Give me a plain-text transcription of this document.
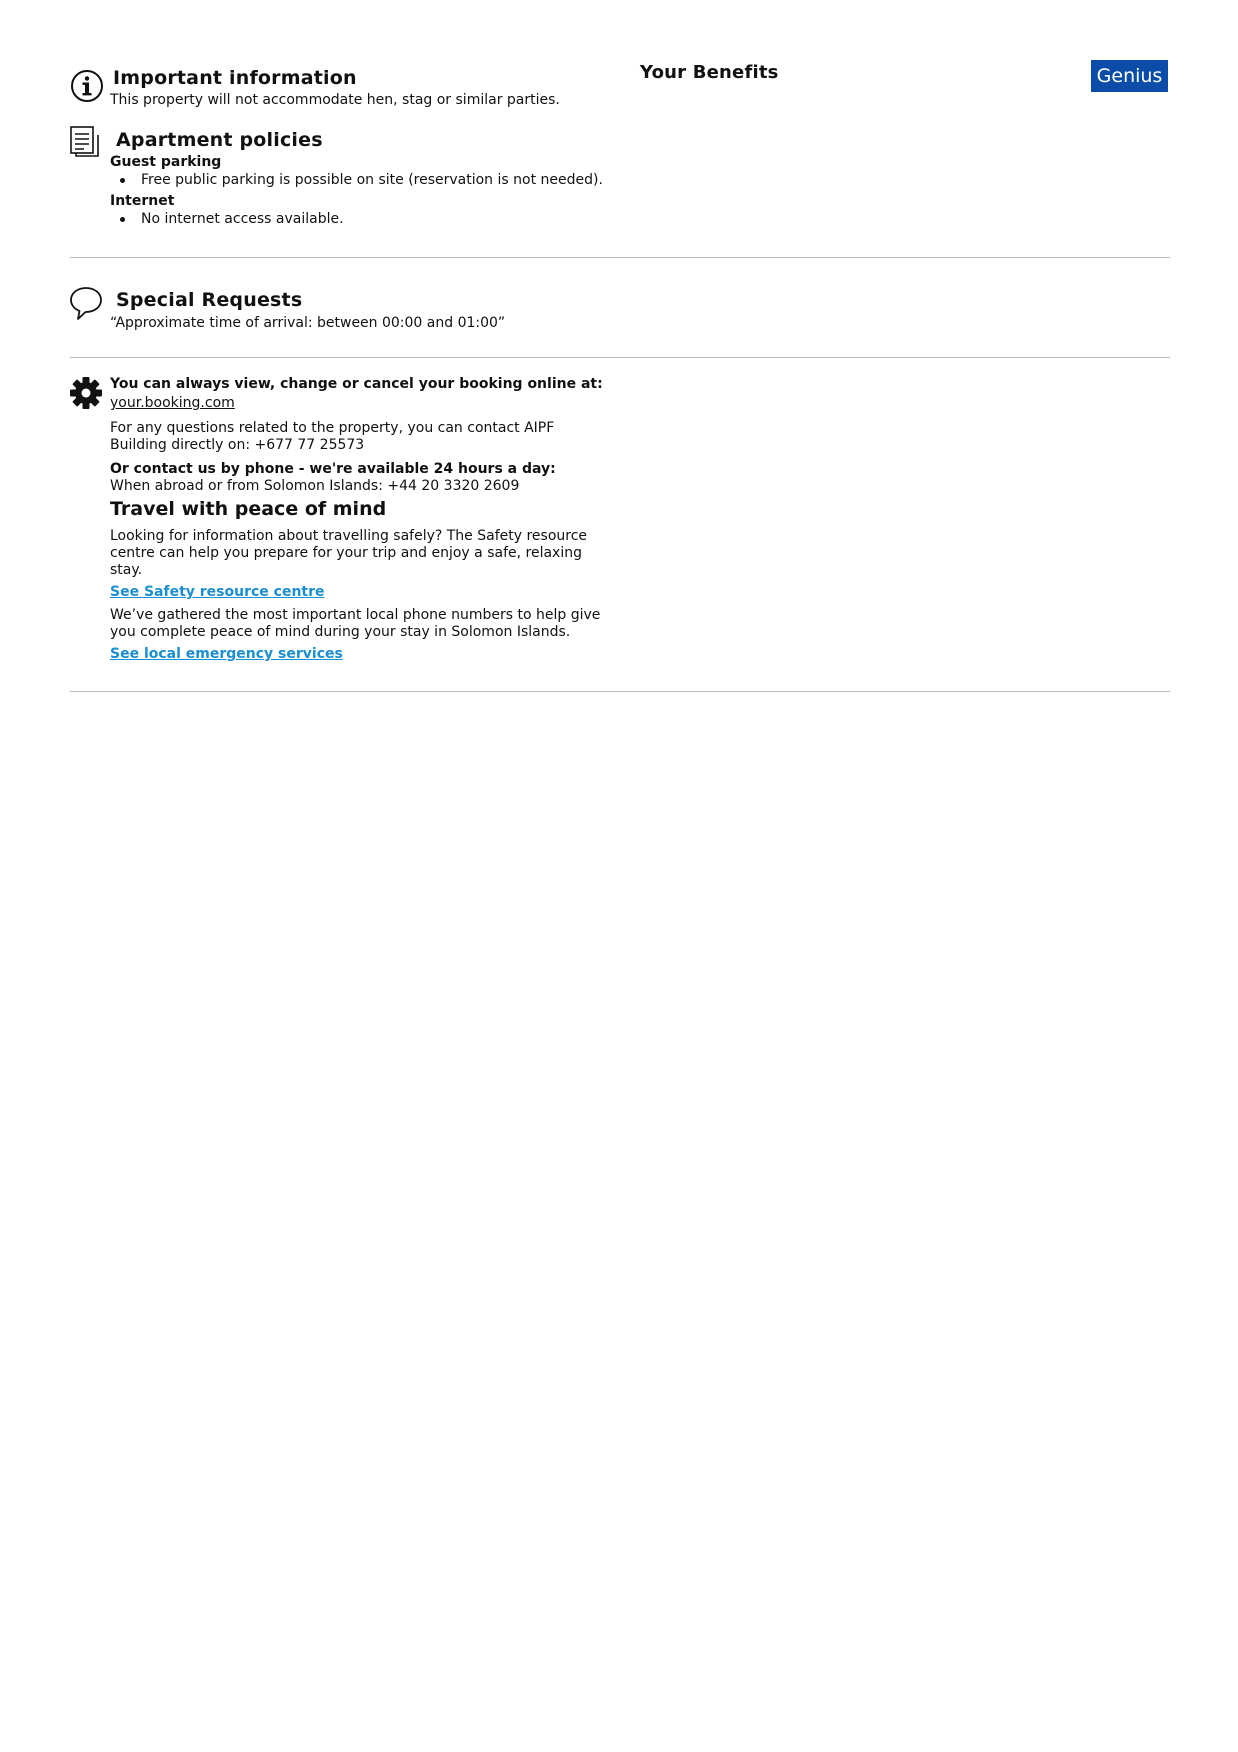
Important information
This property will not accommodate hen, stag or similar parties.
Your Benefits	Genius
Apartment policies
Guest parking
Free public parking is possible on site (reservation is not needed).
Internet
No internet access available.
Special Requests
“Approximate time of arrival: between 00:00 and 01:00”
You can always view, change or cancel your booking online at:
your.booking.com
For any questions related to the property, you can contact AIPF
Building directly on: +677 77 25573
Or contact us by phone - we're available 24 hours a day:
When abroad or from Solomon Islands: +44 20 3320 2609
Travel with peace of mind
Looking for information about travelling safely? The Safety resource
centre can help you prepare for your trip and enjoy a safe, relaxing
stay.
See Safety resource centre
We’ve gathered the most important local phone numbers to help give
you complete peace of mind during your stay in Solomon Islands.
See local emergency services
